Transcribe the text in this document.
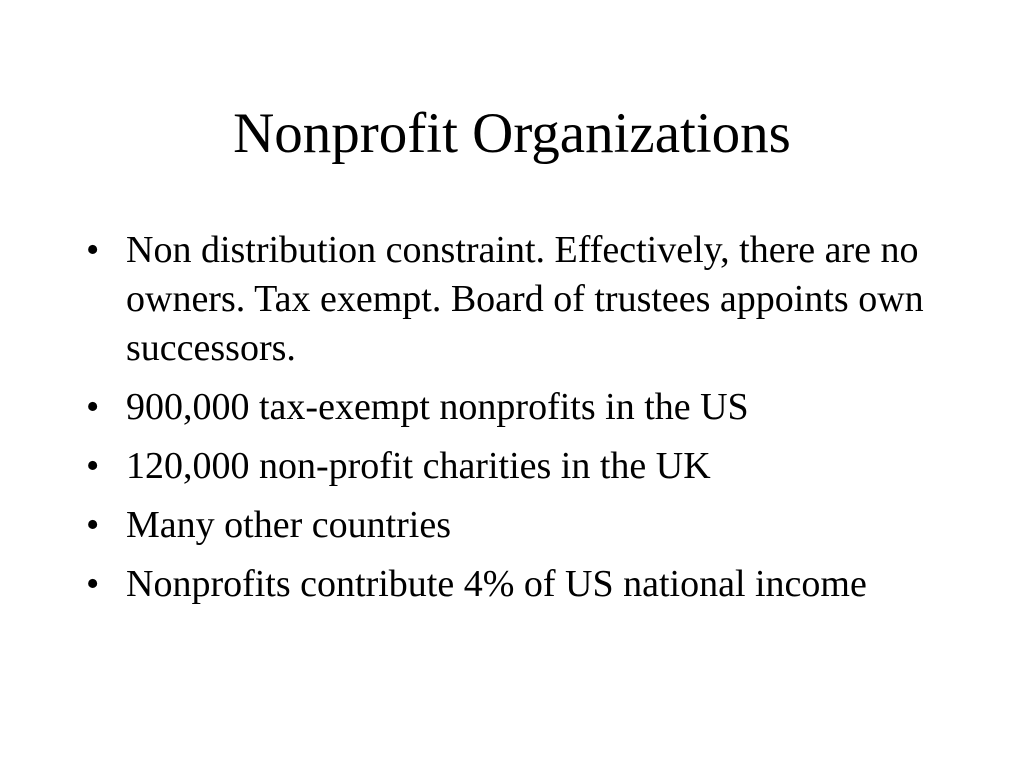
Nonprofit Organizations
• Non distribution constraint. Effectively, there are no owners. Tax exempt. Board of trustees appoints own successors.
• 900,000 tax-exempt nonprofits in the US
• 120,000 non-profit charities in the UK
• Many other countries
• Nonprofits contribute 4% of US national income
